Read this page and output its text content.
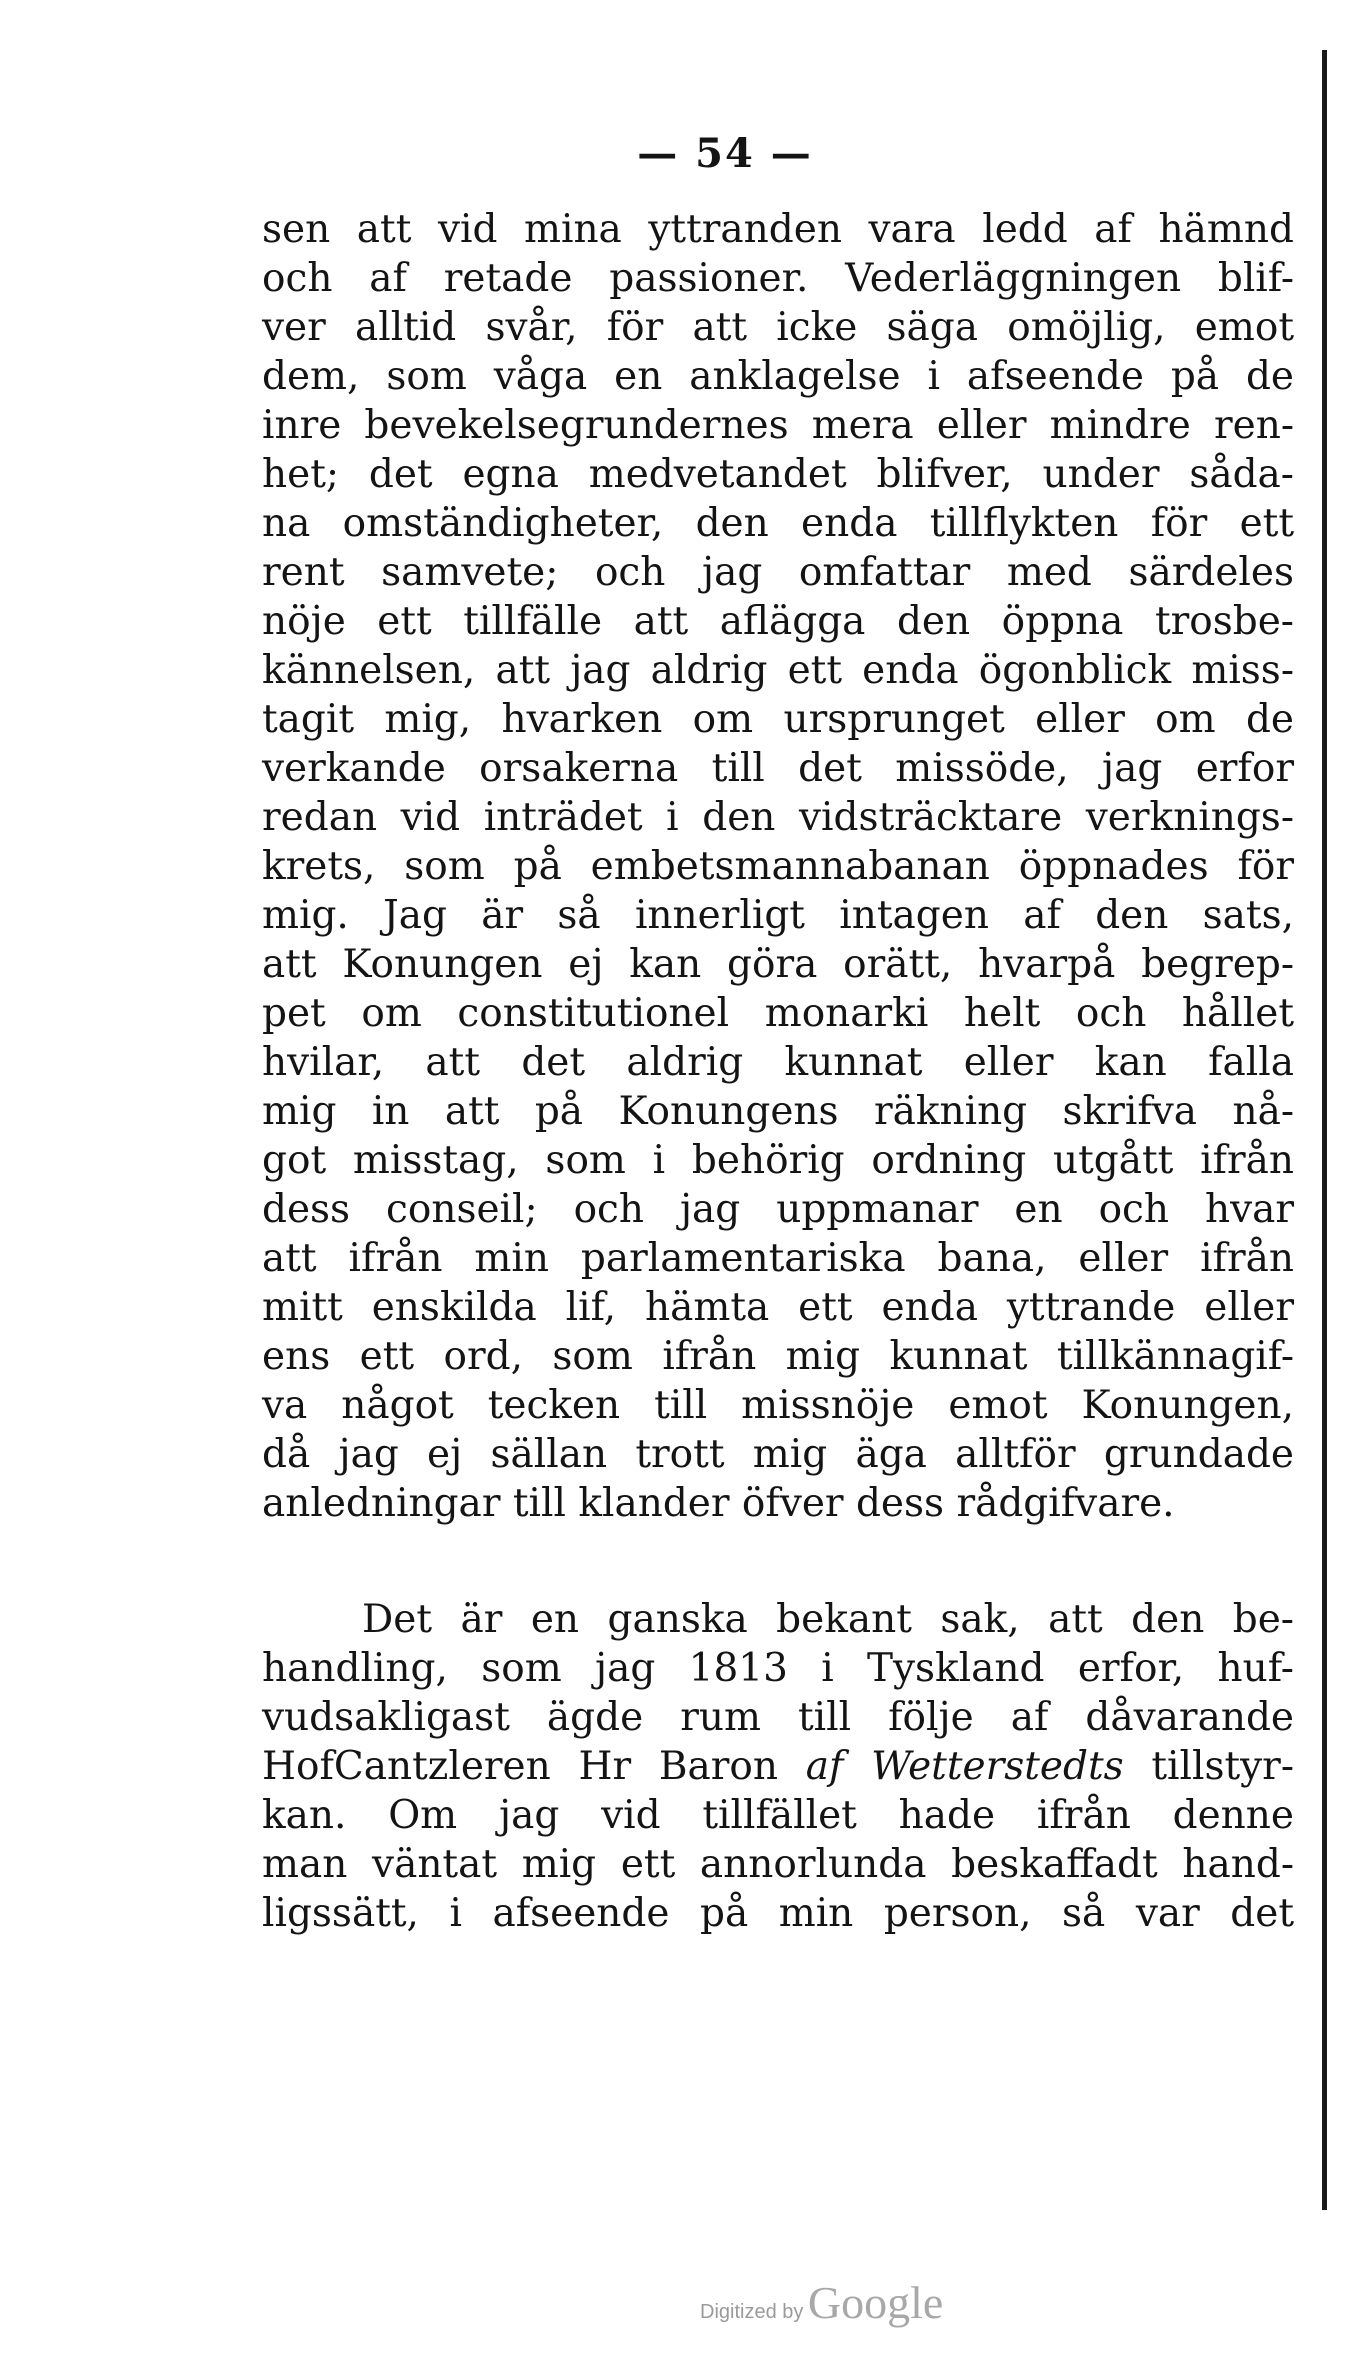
— 54 —
sen att vid mina yttranden vara ledd af hämnd
och af retade passioner. Vederläggningen blif-
ver alltid svår, för att icke säga omöjlig, emot
dem, som våga en anklagelse i afseende på de
inre bevekelsegrundernes mera eller mindre ren-
het; det egna medvetandet blifver, under såda-
na omständigheter, den enda tillflykten för ett
rent samvete; och jag omfattar med särdeles
nöje ett tillfälle att aflägga den öppna trosbe-
kännelsen, att jag aldrig ett enda ögonblick miss-
tagit mig, hvarken om ursprunget eller om de
verkande orsakerna till det missöde, jag erfor
redan vid inträdet i den vidsträcktare verknings-
krets, som på embetsmannabanan öppnades för
mig. Jag är så innerligt intagen af den sats,
att Konungen ej kan göra orätt, hvarpå begrep-
pet om constitutionel monarki helt och hållet
hvilar, att det aldrig kunnat eller kan falla
mig in att på Konungens räkning skrifva nå-
got misstag, som i behörig ordning utgått ifrån
dess conseil; och jag uppmanar en och hvar
att ifrån min parlamentariska bana, eller ifrån
mitt enskilda lif, hämta ett enda yttrande eller
ens ett ord, som ifrån mig kunnat tillkännagif-
va något tecken till missnöje emot Konungen,
då jag ej sällan trott mig äga alltför grundade
anledningar till klander öfver dess rådgifvare.
Det är en ganska bekant sak, att den be-
handling, som jag 1813 i Tyskland erfor, huf-
vudsakligast ägde rum till följe af dåvarande
HofCantzleren Hr Baron af Wetterstedts tillstyr-
kan. Om jag vid tillfället hade ifrån denne
man väntat mig ett annorlunda beskaffadt hand-
ligssätt, i afseende på min person, så var det
Digitized by Google
